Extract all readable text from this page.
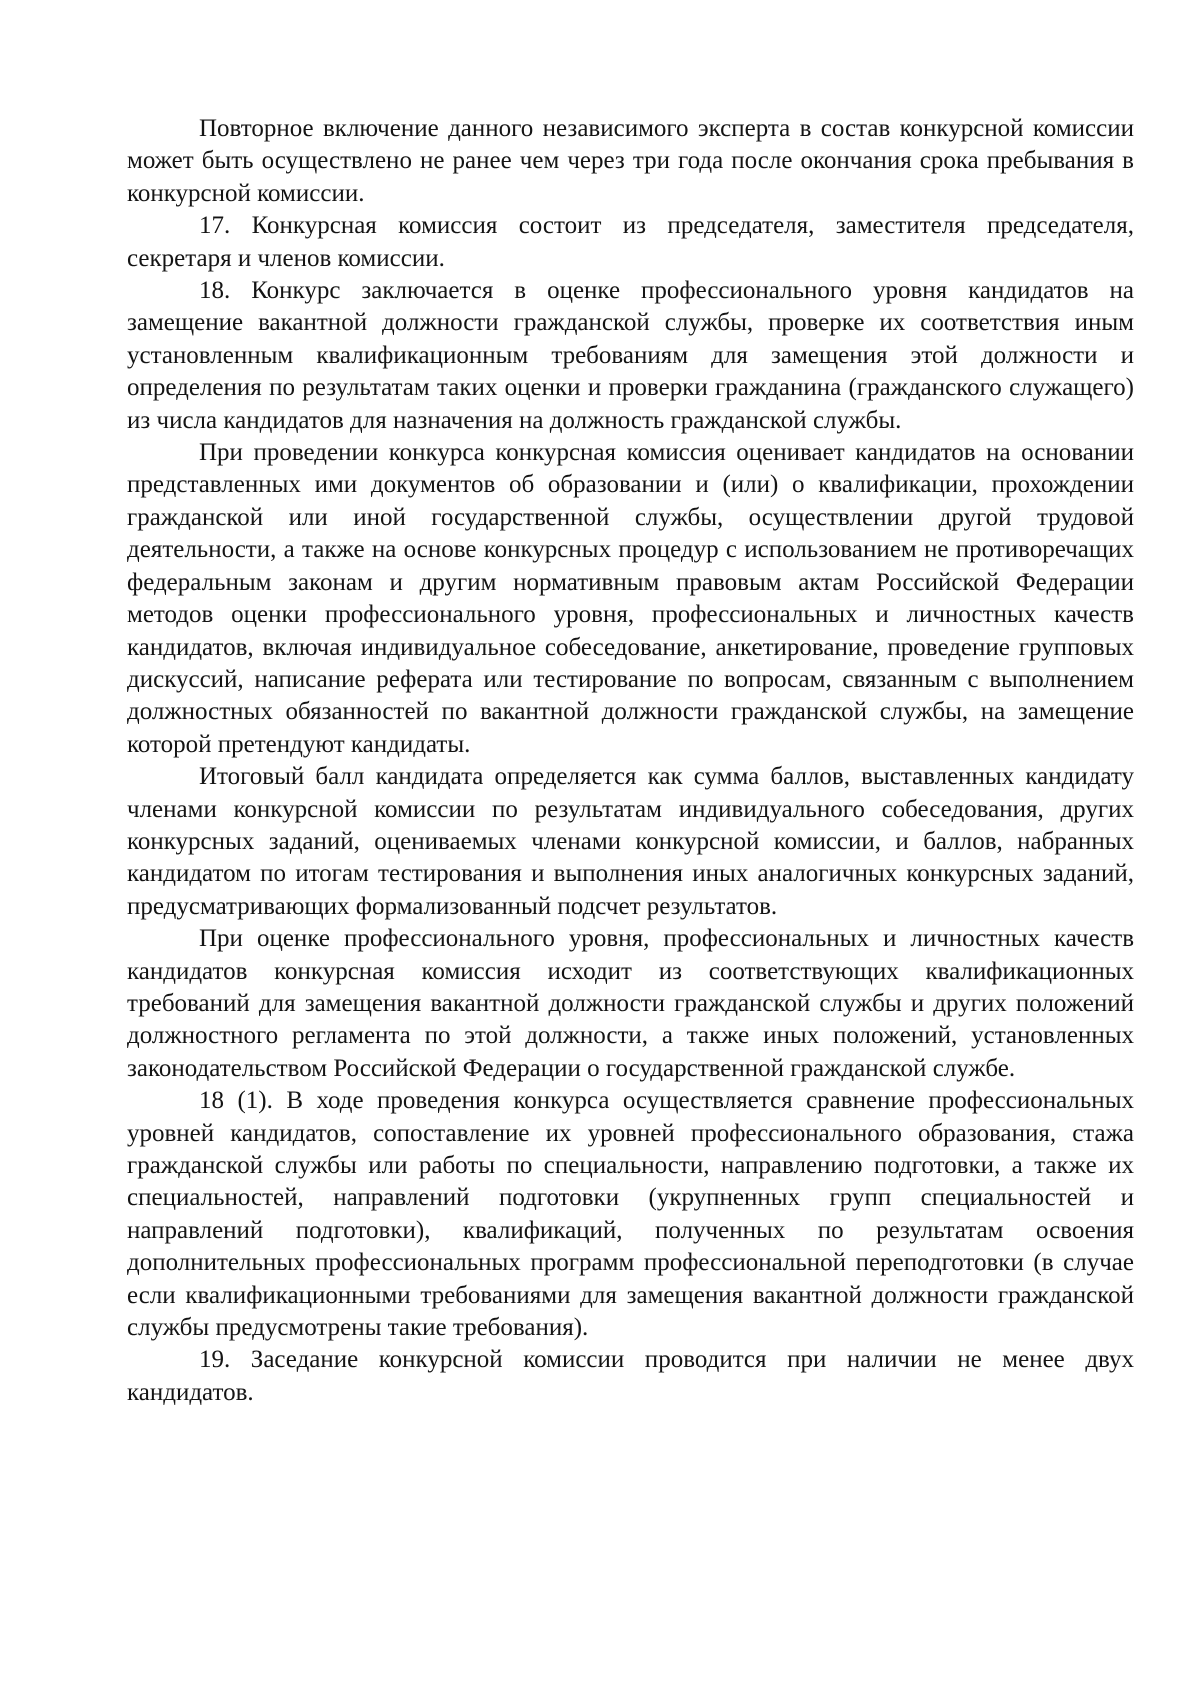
Повторное включение данного независимого эксперта в состав конкурсной комиссии может быть осуществлено не ранее чем через три года после окончания срока пребывания в конкурсной комиссии.

17. Конкурсная комиссия состоит из председателя, заместителя председателя, секретаря и членов комиссии.

18. Конкурс заключается в оценке профессионального уровня кандидатов на замещение вакантной должности гражданской службы, проверке их соответствия иным установленным квалификационным требованиям для замещения этой должности и определения по результатам таких оценки и проверки гражданина (гражданского служащего) из числа кандидатов для назначения на должность гражданской службы.

При проведении конкурса конкурсная комиссия оценивает кандидатов на основании представленных ими документов об образовании и (или) о квалификации, прохождении гражданской или иной государственной службы, осуществлении другой трудовой деятельности, а также на основе конкурсных процедур с использованием не противоречащих федеральным законам и другим нормативным правовым актам Российской Федерации методов оценки профессионального уровня, профессиональных и личностных качеств кандидатов, включая индивидуальное собеседование, анкетирование, проведение групповых дискуссий, написание реферата или тестирование по вопросам, связанным с выполнением должностных обязанностей по вакантной должности гражданской службы, на замещение которой претендуют кандидаты.

Итоговый балл кандидата определяется как сумма баллов, выставленных кандидату членами конкурсной комиссии по результатам индивидуального собеседования, других конкурсных заданий, оцениваемых членами конкурсной комиссии, и баллов, набранных кандидатом по итогам тестирования и выполнения иных аналогичных конкурсных заданий, предусматривающих формализованный подсчет результатов.

При оценке профессионального уровня, профессиональных и личностных качеств кандидатов конкурсная комиссия исходит из соответствующих квалификационных требований для замещения вакантной должности гражданской службы и других положений должностного регламента по этой должности, а также иных положений, установленных законодательством Российской Федерации о государственной гражданской службе.

18 (1). В ходе проведения конкурса осуществляется сравнение профессиональных уровней кандидатов, сопоставление их уровней профессионального образования, стажа гражданской службы или работы по специальности, направлению подготовки, а также их специальностей, направлений подготовки (укрупненных групп специальностей и направлений подготовки), квалификаций, полученных по результатам освоения дополнительных профессиональных программ профессиональной переподготовки (в случае если квалификационными требованиями для замещения вакантной должности гражданской службы предусмотрены такие требования).

19. Заседание конкурсной комиссии проводится при наличии не менее двух кандидатов.
